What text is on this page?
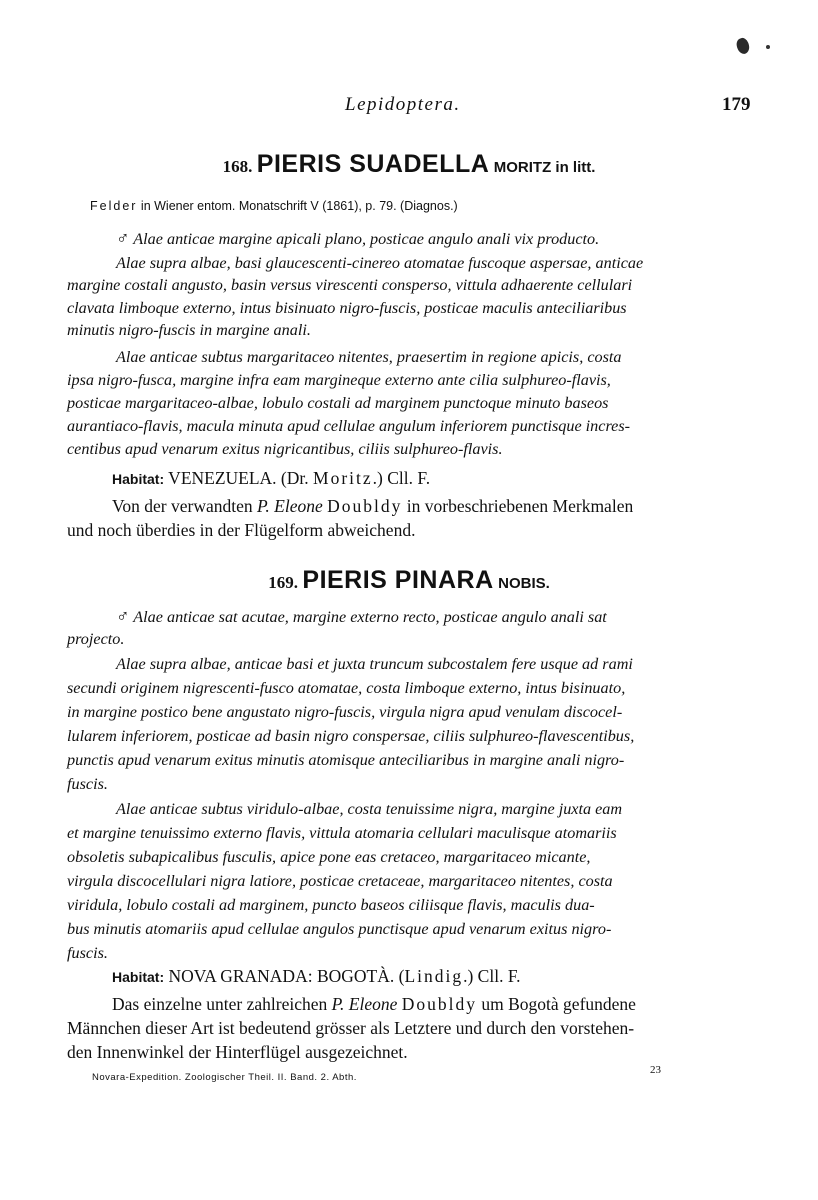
Lepidoptera.	179
168. PIERIS SUADELLA MORITZ in litt.
Felder in Wiener entom. Monatschrift V (1861), p. 79. (Diagnos.)
♂ Alae anticae margine apicali plano, posticae angulo anali vix producto.
Alae supra albae, basi glaucescenti-cinereo atomatae fuscoque aspersae, anticae
margine costali angusto, basin versus virescenti consperso, vittula adhaerente cellulari
clavata limboque externo, intus bisinuato nigro-fuscis, posticae maculis anteciliaribus
minutis nigro-fuscis in margine anali.
Alae anticae subtus margaritaceo nitentes, praesertim in regione apicis, costa
ipsa nigro-fusca, margine infra eam margineque externo ante cilia sulphureo-flavis,
posticae margaritaceo-albae, lobulo costali ad marginem punctoque minuto baseos
aurantiaco-flavis, macula minuta apud cellulae angulum inferiorem punctisque incres-
centibus apud venarum exitus nigricantibus, ciliis sulphureo-flavis.
Habitat: VENEZUELA. (Dr. Moritz.) Cll. F.
Von der verwandten P. Eleone Doubldy in vorbeschriebenen Merkmalen
und noch überdies in der Flügelform abweichend.
169. PIERIS PINARA NOBIS.
♂ Alae anticae sat acutae, margine externo recto, posticae angulo anali sat
projecto.
Alae supra albae, anticae basi et juxta truncum subcostalem fere usque ad rami
secundi originem nigrescenti-fusco atomatae, costa limboque externo, intus bisinuato,
in margine postico bene angustato nigro-fuscis, virgula nigra apud venulam discocel-
lularem inferiorem, posticae ad basin nigro conspersae, ciliis sulphureo-flavescentibus,
punctis apud venarum exitus minutis atomisque anteciliaribus in margine anali nigro-
fuscis.
Alae anticae subtus viridulo-albae, costa tenuissime nigra, margine juxta eam
et margine tenuissimo externo flavis, vittula atomaria cellulari maculisque atomariis
obsoletis subapicalibus fusculis, apice pone eas cretaceo, margaritaceo micante,
virgula discocellulari nigra latiore, posticae cretaceae, margaritaceo nitentes, costa
viridula, lobulo costali ad marginem, puncto baseos ciliisque flavis, maculis dua-
bus minutis atomariis apud cellulae angulos punctisque apud venarum exitus nigro-
fuscis.
Habitat: NOVA GRANADA: BOGOTÀ. (Lindig.) Cll. F.
Das einzelne unter zahlreichen P. Eleone Doubldy um Bogotà gefundene
Männchen dieser Art ist bedeutend grösser als Letztere und durch den vorstehen-
den Innenwinkel der Hinterflügel ausgezeichnet.
Novara-Expedition. Zoologischer Theil. II. Band. 2. Abth.
23
